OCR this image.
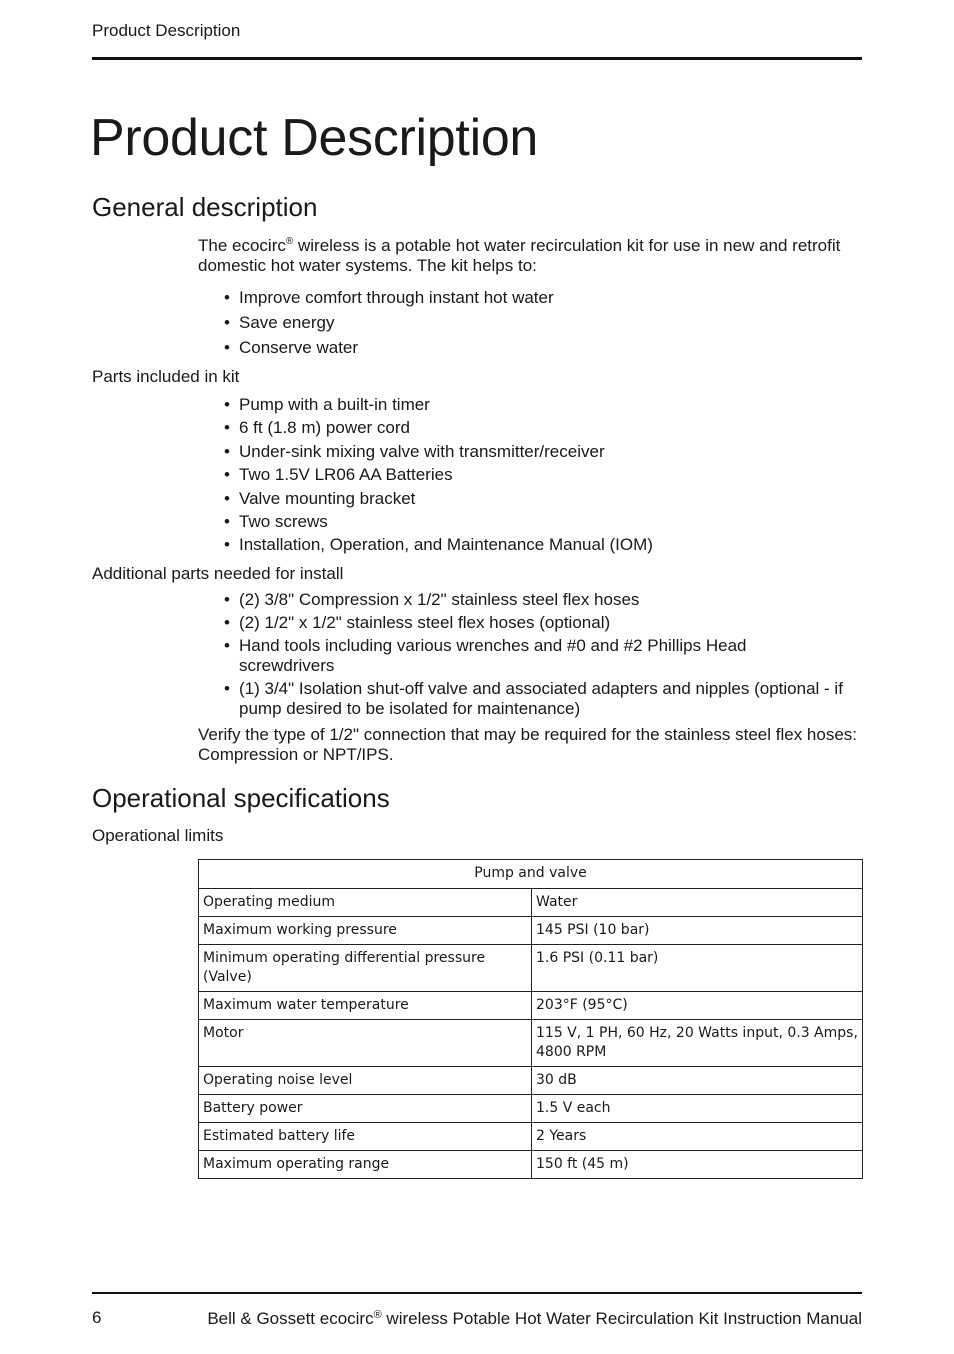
Product Description
Product Description
General description

The ecocirc® wireless is a potable hot water recirculation kit for use in new and retrofit domestic hot water systems. The kit helps to:

• Improve comfort through instant hot water
• Save energy
• Conserve water
Parts included in kit
• Pump with a built-in timer
• 6 ft (1.8 m) power cord
• Under-sink mixing valve with transmitter/receiver
• Two 1.5V LR06 AA Batteries
• Valve mounting bracket
• Two screws
• Installation, Operation, and Maintenance Manual (IOM)
Additional parts needed for install
• (2) 3/8" Compression x 1/2" stainless steel flex hoses
• (2) 1/2" x 1/2" stainless steel flex hoses (optional)
• Hand tools including various wrenches and #0 and #2 Phillips Head screwdrivers
• (1) 3/4" Isolation shut-off valve and associated adapters and nipples (optional - if pump desired to be isolated for maintenance)

Verify the type of 1/2" connection that may be required for the stainless steel flex hoses: Compression or NPT/IPS.

Operational specifications
Operational limits
Pump and valve	
Operating medium	Water
Maximum working pressure	145 PSI (10 bar)
Minimum operating differential pressure (Valve)	1.6 PSI (0.11 bar)
Maximum water temperature	203°F (95°C)
Motor	115 V, 1 PH, 60 Hz, 20 Watts input, 0.3 Amps, 4800 RPM
Operating noise level	30 dB
Battery power	1.5 V each
Estimated battery life	2 Years
Maximum operating range	150 ft (45 m)
6	Bell & Gossett ecocirc® wireless Potable Hot Water Recirculation Kit Instruction Manual
